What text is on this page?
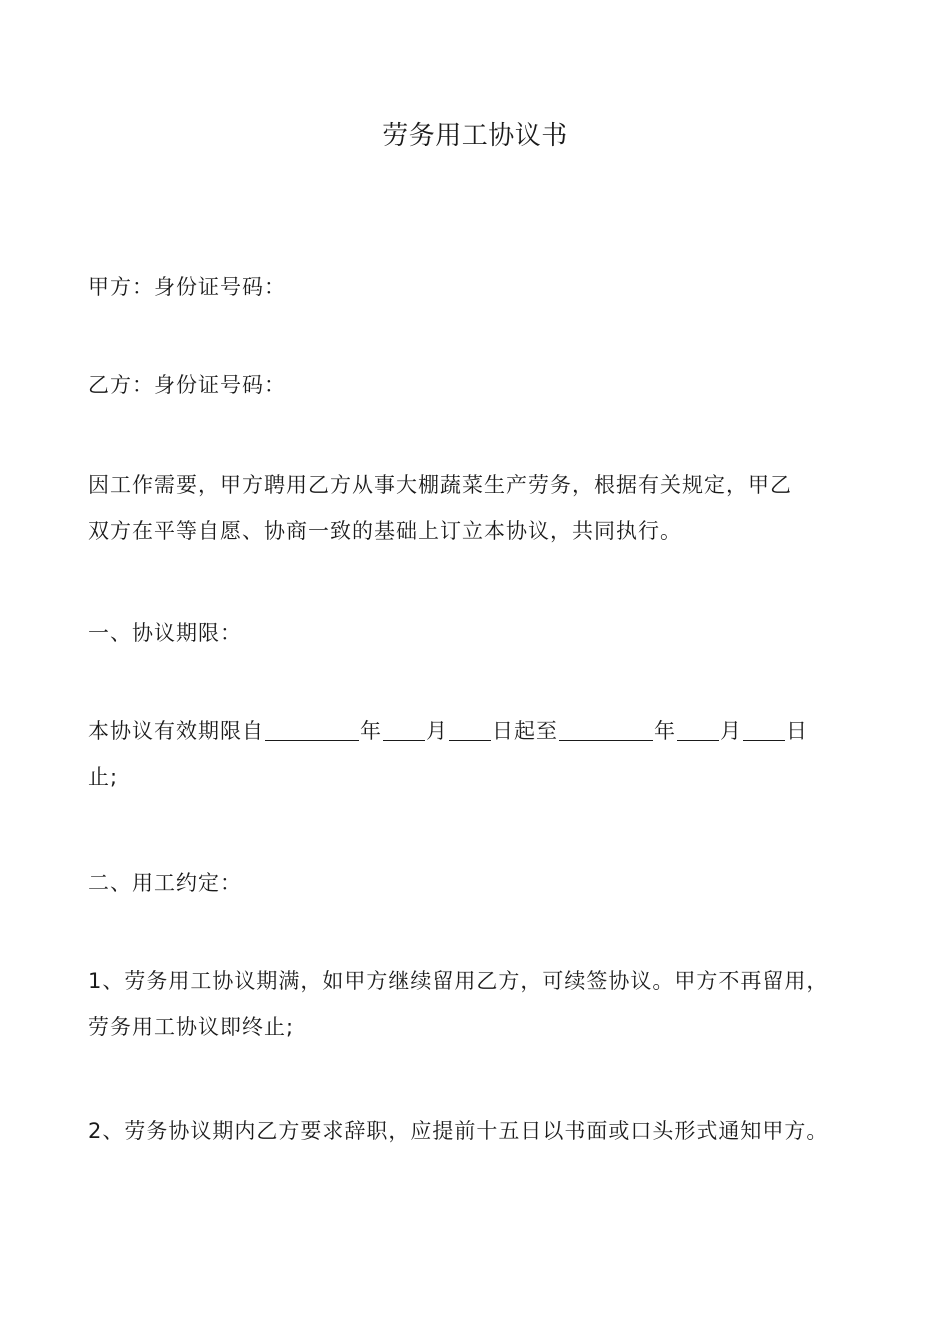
劳务用工协议书
甲方：身份证号码：
乙方：身份证号码：
因工作需要，甲方聘用乙方从事大棚蔬菜生产劳务，根据有关规定，甲乙
双方在平等自愿、协商一致的基础上订立本协议，共同执行。
一、协议期限：
本协议有效期限自	年 月 日起至	年 月 日
止;
二、用工约定：
1、劳务用工协议期满，如甲方继续留用乙方，可续签协议。甲方不再留用，
劳务用工协议即终止;
2、劳务协议期内乙方要求辞职，应提前十五日以书面或口头形式通知甲方。
